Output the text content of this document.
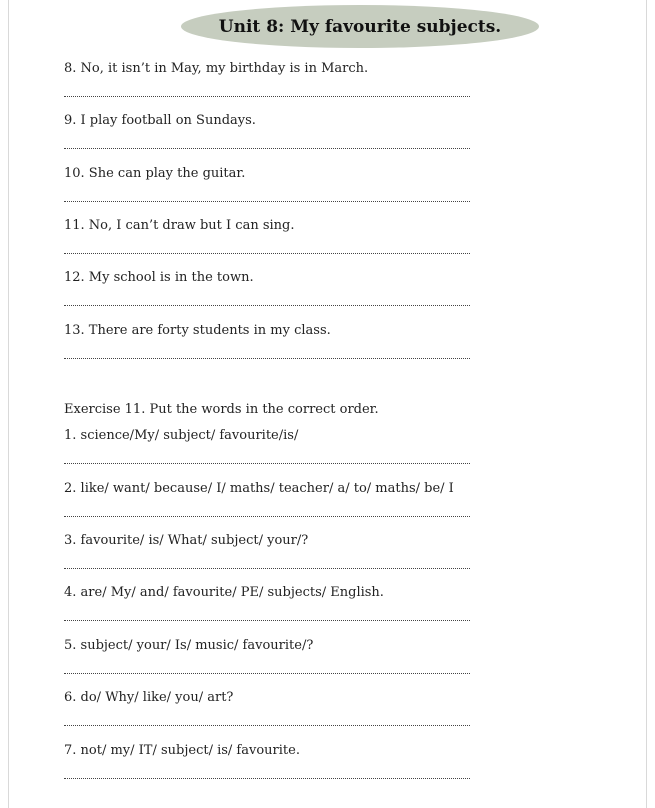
Unit 8: My favourite subjects.
8. No, it isn’t in May, my birthday is in March.
9. I play football on Sundays.
10. She can play the guitar.
11. No, I can’t draw but I can sing.
12. My school is in the town.
13. There are forty students in my class.
Exercise 11. Put the words in the correct order.
1. science/My/ subject/ favourite/is/
2. like/ want/ because/ I/ maths/ teacher/ a/ to/ maths/ be/ I
3. favourite/ is/ What/ subject/ your/?
4. are/ My/ and/ favourite/ PE/ subjects/ English.
5. subject/ your/ Is/ music/ favourite/?
6. do/ Why/ like/ you/ art?
7. not/ my/ IT/ subject/ is/ favourite.
